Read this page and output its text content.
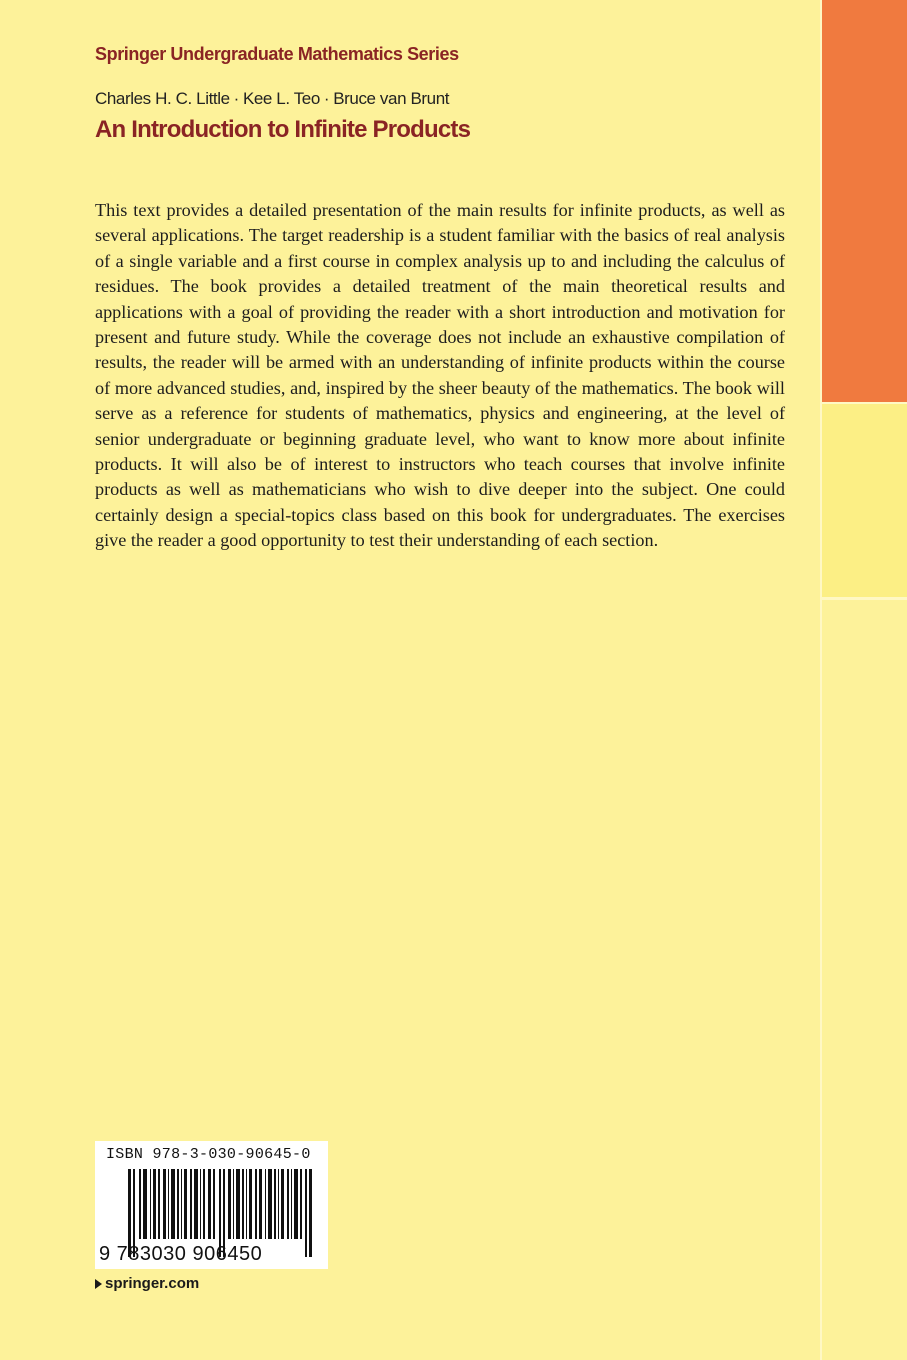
Springer Undergraduate Mathematics Series
Charles H. C. Little · Kee L. Teo · Bruce van Brunt
An Introduction to Infinite Products
This text provides a detailed presentation of the main results for infinite products, as well as several applications. The target readership is a student familiar with the basics of real analysis of a single variable and a first course in complex analysis up to and including the calculus of residues. The book provides a detailed treatment of the main theoretical results and applications with a goal of providing the reader with a short introduction and motivation for present and future study. While the coverage does not include an exhaustive compilation of results, the reader will be armed with an understanding of infinite products within the course of more advanced studies, and, inspired by the sheer beauty of the mathematics. The book will serve as a reference for students of mathematics, physics and engineering, at the level of senior undergraduate or beginning graduate level, who want to know more about infinite products. It will also be of interest to instructors who teach courses that involve infinite products as well as mathematicians who wish to dive deeper into the subject. One could certainly design a special-topics class based on this book for undergraduates. The exercises give the reader a good opportunity to test their understanding of each section.
ISBN 978-3-030-90645-0
9 783030 906450
springer.com
